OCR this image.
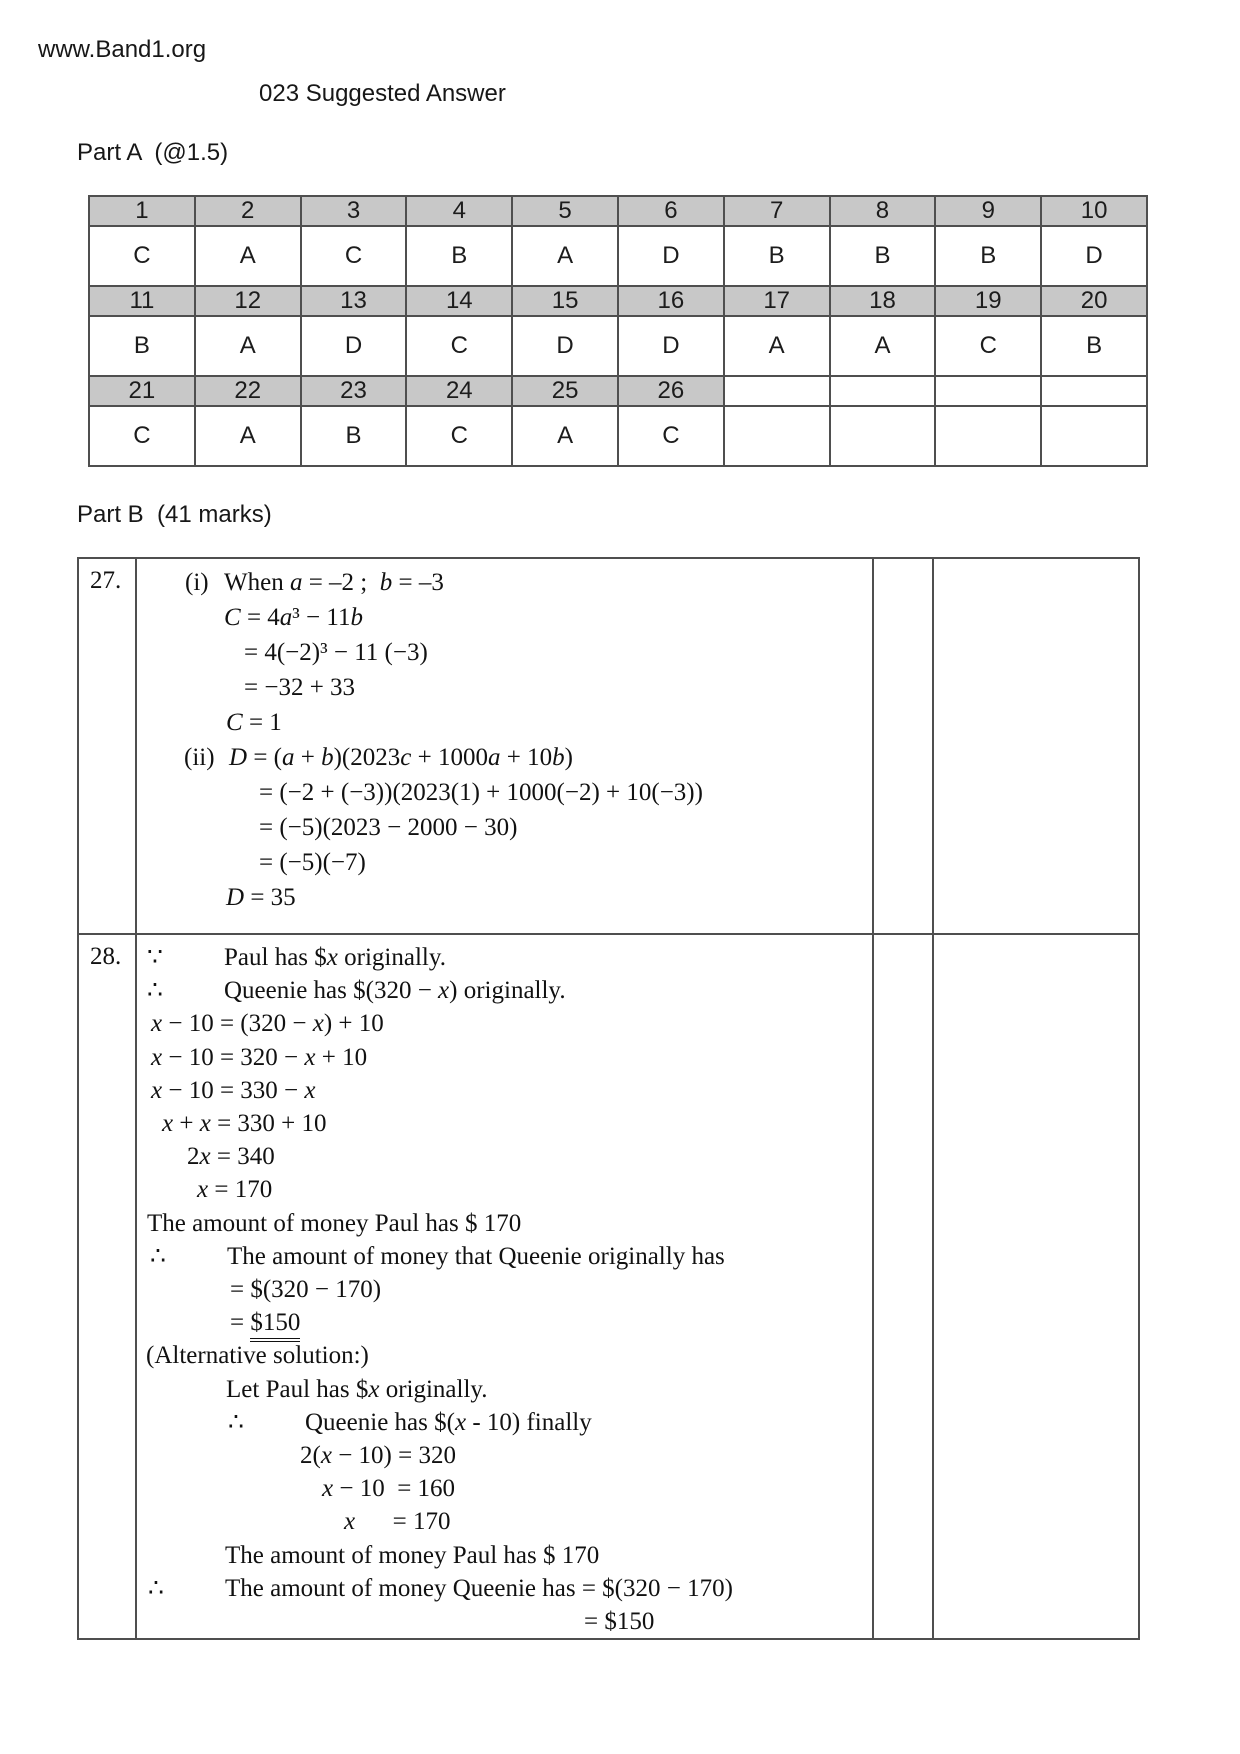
www.Band1.org
023 Suggested Answer
Part A  (@1.5)
1	2	3	4	5	6	7	8	9	10
C	A	C	B	A	D	B	B	B	D
11	12	13	14	15	16	17	18	19	20
B	A	D	C	D	D	A	A	C	B
21	22	23	24	25	26				
C	A	B	C	A	C				
Part B  (41 marks)
27.	(i) When a = –2 ;  b = –3
C = 4a³ − 11b
= 4(−2)³ − 11 (−3)
= −32 + 33
C = 1
(ii) D = (a + b)(2023c + 1000a + 10b)
= (−2 + (−3))(2023(1) + 1000(−2) + 10(−3))
= (−5)(2023 − 2000 − 30)
= (−5)(−7)
D = 35

28.	∵ Paul has $x originally.
∴ Queenie has $(320 − x) originally.
x − 10 = (320 − x) + 10
x − 10 = 320 − x + 10
x − 10 = 330 − x
x + x = 330 + 10
2x = 340
x = 170
The amount of money Paul has $ 170
∴ The amount of money that Queenie originally has
= $(320 − 170)
= $150
(Alternative solution:)
Let Paul has $x originally.
∴ Queenie has $(x - 10) finally
2(x − 10) = 320
x − 10  = 160
x      = 170
The amount of money Paul has $ 170
∴ The amount of money Queenie has = $(320 − 170)
= $150
